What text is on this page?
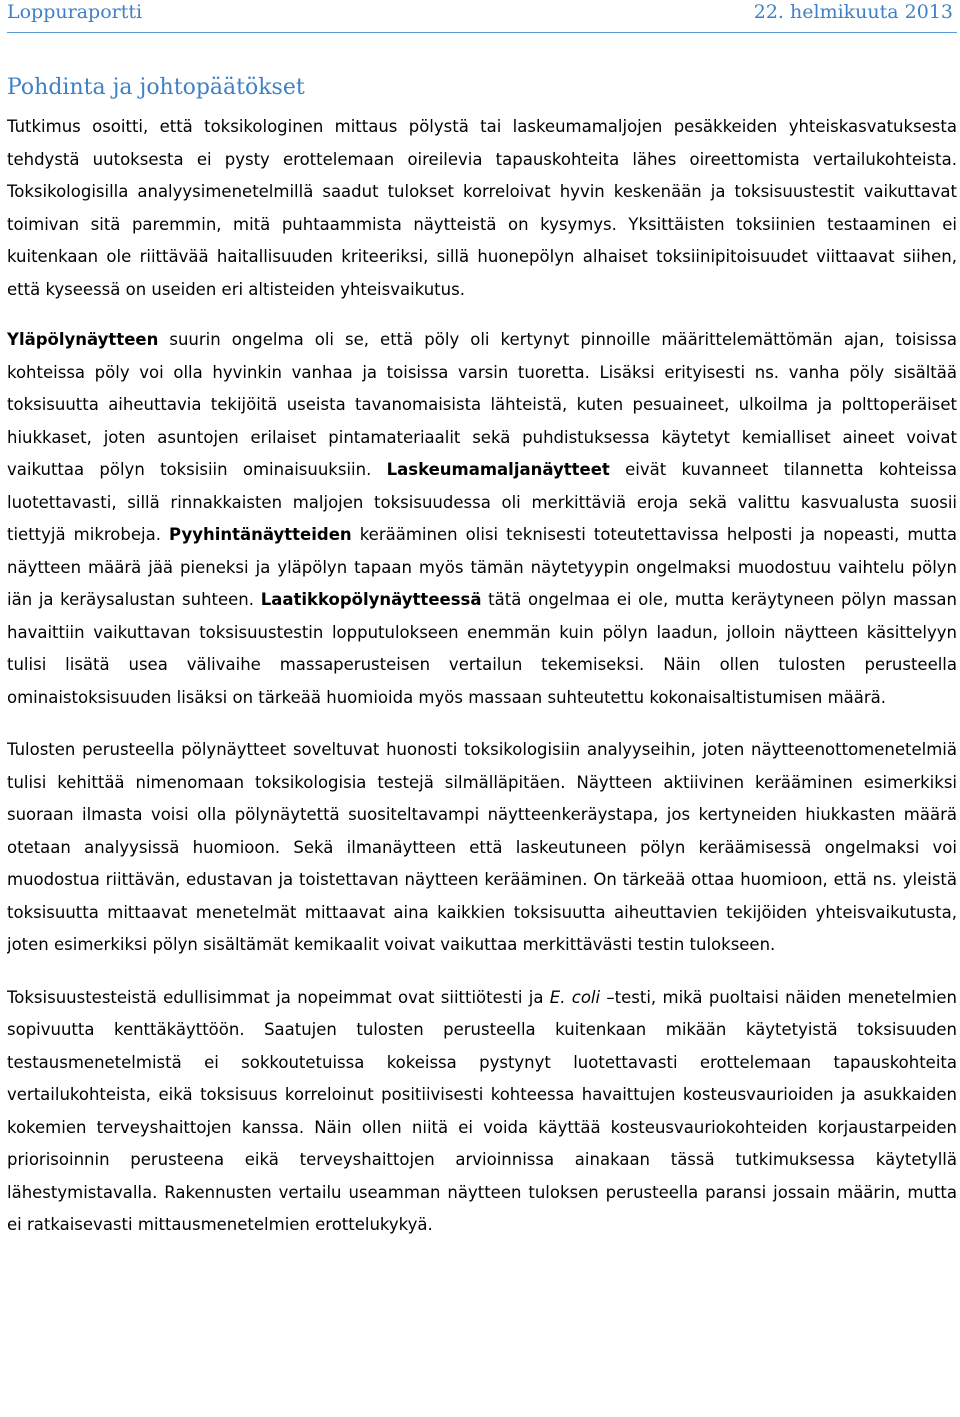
Loppuraportti	22. helmikuuta 2013
Pohdinta ja johtopäätökset

Tutkimus osoitti, että toksikologinen mittaus pölystä tai laskeumamaljojen pesäkkeiden yhteiskasvatuksesta tehdystä uutoksesta ei pysty erottelemaan oireilevia tapauskohteita lähes oireettomista vertailukohteista. Toksikologisilla analyysimenetelmillä saadut tulokset korreloivat hyvin keskenään ja toksisuustestit vaikuttavat toimivan sitä paremmin, mitä puhtaammista näytteistä on kysymys. Yksittäisten toksiinien testaaminen ei kuitenkaan ole riittävää haitallisuuden kriteeriksi, sillä huonepölyn alhaiset toksiinipitoisuudet viittaavat siihen, että kyseessä on useiden eri altisteiden yhteisvaikutus.

Yläpölynäytteen suurin ongelma oli se, että pöly oli kertynyt pinnoille määrittelemättömän ajan, toisissa kohteissa pöly voi olla hyvinkin vanhaa ja toisissa varsin tuoretta. Lisäksi erityisesti ns. vanha pöly sisältää toksisuutta aiheuttavia tekijöitä useista tavanomaisista lähteistä, kuten pesuaineet, ulkoilma ja polttoperäiset hiukkaset, joten asuntojen erilaiset pintamateriaalit sekä puhdistuksessa käytetyt kemialliset aineet voivat vaikuttaa pölyn toksisiin ominaisuuksiin. Laskeumamaljanäytteet eivät kuvanneet tilannetta kohteissa luotettavasti, sillä rinnakkaisten maljojen toksisuudessa oli merkittäviä eroja sekä valittu kasvualusta suosii tiettyjä mikrobeja. Pyyhintänäytteiden kerääminen olisi teknisesti toteutettavissa helposti ja nopeasti, mutta näytteen määrä jää pieneksi ja yläpölyn tapaan myös tämän näytetyypin ongelmaksi muodostuu vaihtelu pölyn iän ja keräysalustan suhteen. Laatikkopölynäytteessä tätä ongelmaa ei ole, mutta keräytyneen pölyn massan havaittiin vaikuttavan toksisuustestin lopputulokseen enemmän kuin pölyn laadun, jolloin näytteen käsittelyyn tulisi lisätä usea välivaihe massaperusteisen vertailun tekemiseksi. Näin ollen tulosten perusteella ominaistoksisuuden lisäksi on tärkeää huomioida myös massaan suhteutettu kokonaisaltistumisen määrä.

Tulosten perusteella pölynäytteet soveltuvat huonosti toksikologisiin analyyseihin, joten näytteenottomenetelmiä tulisi kehittää nimenomaan toksikologisia testejä silmälläpitäen. Näytteen aktiivinen kerääminen esimerkiksi suoraan ilmasta voisi olla pölynäytettä suositeltavampi näytteenkeräystapa, jos kertyneiden hiukkasten määrä otetaan analyysissä huomioon. Sekä ilmanäytteen että laskeutuneen pölyn keräämisessä ongelmaksi voi muodostua riittävän, edustavan ja toistettavan näytteen kerääminen. On tärkeää ottaa huomioon, että ns. yleistä toksisuutta mittaavat menetelmät mittaavat aina kaikkien toksisuutta aiheuttavien tekijöiden yhteisvaikutusta, joten esimerkiksi pölyn sisältämät kemikaalit voivat vaikuttaa merkittävästi testin tulokseen.

Toksisuustesteistä edullisimmat ja nopeimmat ovat siittiötesti ja E. coli –testi, mikä puoltaisi näiden menetelmien sopivuutta kenttäkäyttöön. Saatujen tulosten perusteella kuitenkaan mikään käytetyistä toksisuuden testausmenetelmistä ei sokkoutetuissa kokeissa pystynyt luotettavasti erottelemaan tapauskohteita vertailukohteista, eikä toksisuus korreloinut positiivisesti kohteessa havaittujen kosteusvaurioiden ja asukkaiden kokemien terveyshaittojen kanssa. Näin ollen niitä ei voida käyttää kosteusvauriokohteiden korjaustarpeiden priorisoinnin perusteena eikä terveyshaittojen arvioinnissa ainakaan tässä tutkimuksessa käytetyllä lähestymistavalla. Rakennusten vertailu useamman näytteen tuloksen perusteella paransi jossain määrin, mutta ei ratkaisevasti mittausmenetelmien erottelukykyä.
